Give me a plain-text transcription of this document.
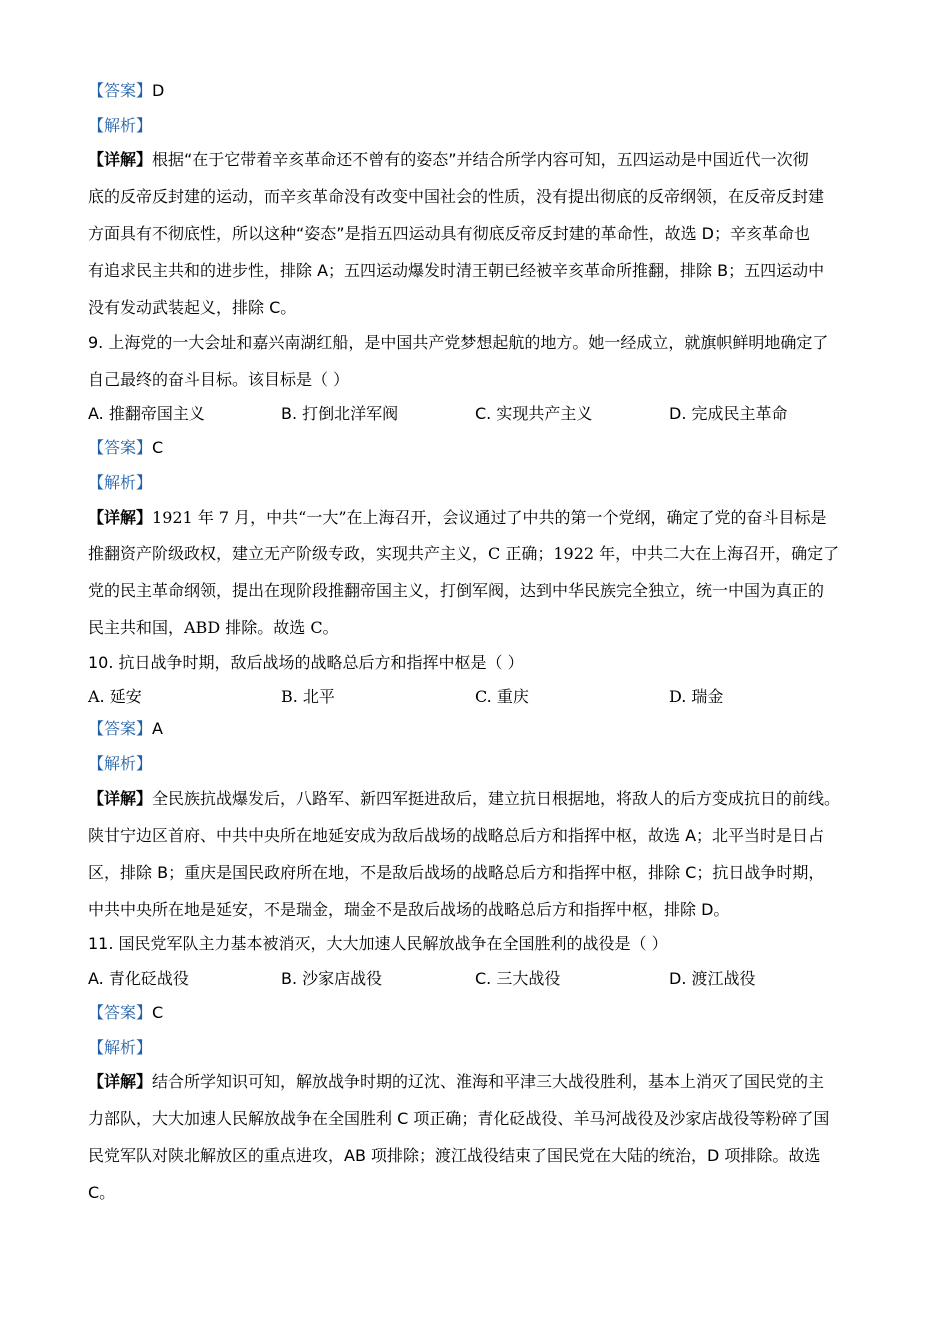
【答案】D
【解析】
【详解】根据“在于它带着辛亥革命还不曾有的姿态”并结合所学内容可知，五四运动是中国近代一次彻
底的反帝反封建的运动，而辛亥革命没有改变中国社会的性质，没有提出彻底的反帝纲领，在反帝反封建
方面具有不彻底性，所以这种“姿态”是指五四运动具有彻底反帝反封建的革命性，故选 D；辛亥革命也
有追求民主共和的进步性，排除 A；五四运动爆发时清王朝已经被辛亥革命所推翻，排除 B；五四运动中
没有发动武装起义，排除 C。
9. 上海党的一大会址和嘉兴南湖红船，是中国共产党梦想起航的地方。她一经成立，就旗帜鲜明地确定了
自己最终的奋斗目标。该目标是（ ）
A. 推翻帝国主义	B. 打倒北洋军阀	C. 实现共产主义	D. 完成民主革命
【答案】C
【解析】
【详解】1921 年 7 月，中共“一大”在上海召开，会议通过了中共的第一个党纲，确定了党的奋斗目标是
推翻资产阶级政权，建立无产阶级专政，实现共产主义，C 正确；1922 年，中共二大在上海召开，确定了
党的民主革命纲领，提出在现阶段推翻帝国主义，打倒军阀，达到中华民族完全独立，统一中国为真正的
民主共和国，ABD 排除。故选 C。
10. 抗日战争时期，敌后战场的战略总后方和指挥中枢是（ ）
A. 延安	B. 北平	C. 重庆	D. 瑞金
【答案】A
【解析】
【详解】全民族抗战爆发后，八路军、新四军挺进敌后，建立抗日根据地，将敌人的后方变成抗日的前线。
陕甘宁边区首府、中共中央所在地延安成为敌后战场的战略总后方和指挥中枢，故选 A；北平当时是日占
区，排除 B；重庆是国民政府所在地，不是敌后战场的战略总后方和指挥中枢，排除 C；抗日战争时期，
中共中央所在地是延安，不是瑞金，瑞金不是敌后战场的战略总后方和指挥中枢，排除 D。
11. 国民党军队主力基本被消灭，大大加速人民解放战争在全国胜利的战役是（ ）
A. 青化砭战役	B. 沙家店战役	C. 三大战役	D. 渡江战役
【答案】C
【解析】
【详解】结合所学知识可知，解放战争时期的辽沈、淮海和平津三大战役胜利，基本上消灭了国民党的主
力部队，大大加速人民解放战争在全国胜利 C 项正确；青化砭战役、羊马河战役及沙家店战役等粉碎了国
民党军队对陕北解放区的重点进攻，AB 项排除；渡江战役结束了国民党在大陆的统治，D 项排除。故选
C。
